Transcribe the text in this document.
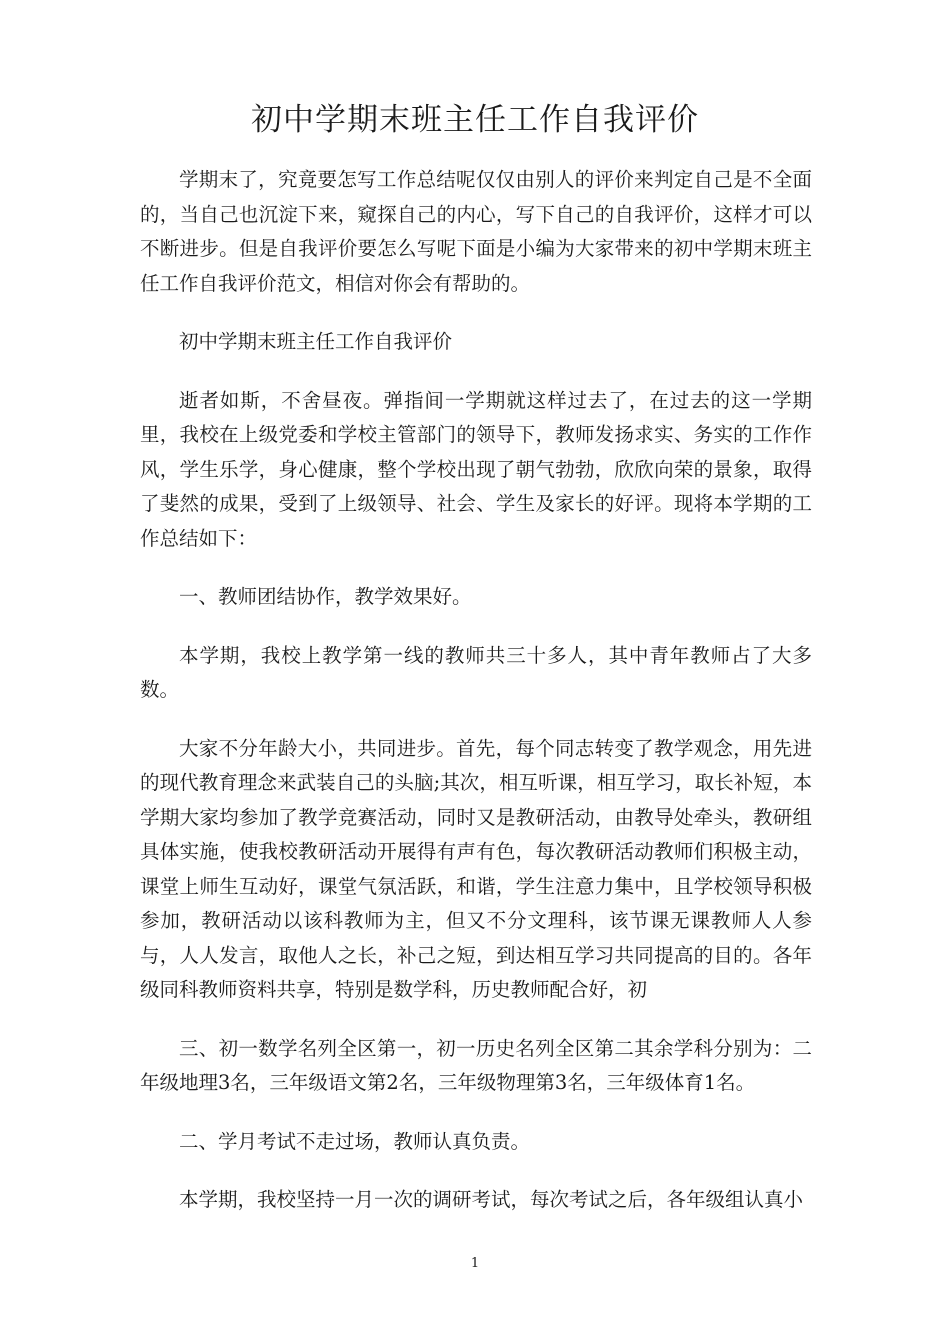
初中学期末班主任工作自我评价

学期末了，究竟要怎写工作总结呢仅仅由别人的评价来判定自己是不全面的，当自己也沉淀下来，窥探自己的内心，写下自己的自我评价，这样才可以不断进步。但是自我评价要怎么写呢下面是小编为大家带来的初中学期末班主任工作自我评价范文，相信对你会有帮助的。

初中学期末班主任工作自我评价

逝者如斯，不舍昼夜。弹指间一学期就这样过去了，在过去的这一学期里，我校在上级党委和学校主管部门的领导下，教师发扬求实、务实的工作作风，学生乐学，身心健康，整个学校出现了朝气勃勃，欣欣向荣的景象，取得了斐然的成果，受到了上级领导、社会、学生及家长的好评。现将本学期的工作总结如下：

一、教师团结协作，教学效果好。

本学期，我校上教学第一线的教师共三十多人，其中青年教师占了大多数。

大家不分年龄大小，共同进步。首先，每个同志转变了教学观念，用先进的现代教育理念来武装自己的头脑;其次，相互听课，相互学习，取长补短，本学期大家均参加了教学竞赛活动，同时又是教研活动，由教导处牵头，教研组具体实施，使我校教研活动开展得有声有色，每次教研活动教师们积极主动，课堂上师生互动好，课堂气氛活跃，和谐，学生注意力集中，且学校领导积极参加，教研活动以该科教师为主，但又不分文理科，该节课无课教师人人参与，人人发言，取他人之长，补己之短，到达相互学习共同提高的目的。各年级同科教师资料共享，特别是数学科，历史教师配合好，初

三、初一数学名列全区第一，初一历史名列全区第二其余学科分别为：二年级地理3名，三年级语文第2名，三年级物理第3名，三年级体育1名。

二、学月考试不走过场，教师认真负责。

本学期，我校坚持一月一次的调研考试，每次考试之后，各年级组认真小

1
